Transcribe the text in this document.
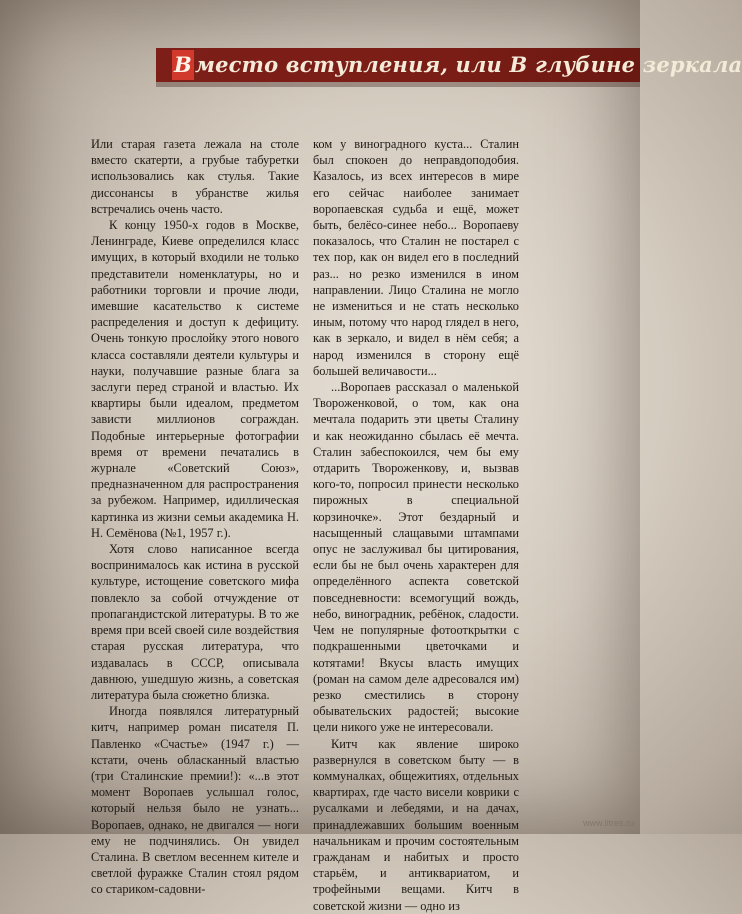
В место вступления, или В глубине зеркала

Или старая газета лежала на столе вместо скатерти, а грубые табуретки использовались как стулья. Такие диссонансы в убранстве жилья встречались очень часто.

К концу 1950-х годов в Москве, Ленинграде, Киеве определился класс имущих, в который входили не только представители номенклатуры, но и работники торговли и прочие люди, имевшие касательство к системе распределения и доступ к дефициту. Очень тонкую прослойку этого нового класса составляли деятели культуры и науки, получавшие разные блага за заслуги перед страной и властью. Их квартиры были идеалом, предметом зависти миллионов сограждан. Подобные интерьерные фотографии время от времени печатались в журнале «Советский Союз», предназначенном для распространения за рубежом. Например, идиллическая картинка из жизни семьи академика Н. Н. Семёнова (№1, 1957 г.).

Хотя слово написанное всегда воспринималось как истина в русской культуре, истощение советского мифа повлекло за собой отчуждение от пропагандистской литературы. В то же время при всей своей силе воздействия старая русская литература, что издавалась в СССР, описывала давнюю, ушедшую жизнь, а советская литература была сюжетно близка.

Иногда появлялся литературный китч, например роман писателя П. Павленко «Счастье» (1947 г.) — кстати, очень обласканный властью (три Сталинские премии!): «...в этот момент Воропаев услышал голос, который нельзя было не узнать... Воропаев, однако, не двигался — ноги ему не подчинялись. Он увидел Сталина. В светлом весеннем кителе и светлой фуражке Сталин стоял рядом со стариком-садовни-

ком у виноградного куста... Сталин был спокоен до неправдоподобия. Казалось, из всех интересов в мире его сейчас наиболее занимает воропаевская судьба и ещё, может быть, белёсо-синее небо... Воропаеву показалось, что Сталин не постарел с тех пор, как он видел его в последний раз... но резко изменился в ином направлении. Лицо Сталина не могло не измениться и не стать несколько иным, потому что народ глядел в него, как в зеркало, и видел в нём себя; а народ изменился в сторону ещё большей величавости...

...Воропаев рассказал о маленькой Твороженковой, о том, как она мечтала подарить эти цветы Сталину и как неожиданно сбылась её мечта. Сталин забеспокоился, чем бы ему отдарить Твороженкову, и, вызвав кого-то, попросил принести несколько пирожных в специальной корзиночке». Этот бездарный и насыщенный слащавыми штампами опус не заслуживал бы цитирования, если бы не был очень характерен для определённого аспекта советской повседневности: всемогущий вождь, небо, виноградник, ребёнок, сладости. Чем не популярные фотооткрытки с подкрашенными цветочками и котятами! Вкусы власть имущих (роман на самом деле адресовался им) резко сместились в сторону обывательских радостей; высокие цели никого уже не интересовали.

Китч как явление широко развернулся в советском быту — в коммуналках, общежитиях, отдельных квартирах, где часто висели коврики с русалками и лебедями, и на дачах, принадлежавших большим военным начальникам и прочим состоятельным гражданам и набитых и просто старьём, и антиквариатом, и трофейными вещами. Китч в советской жизни — одно из

www.litres.ru
